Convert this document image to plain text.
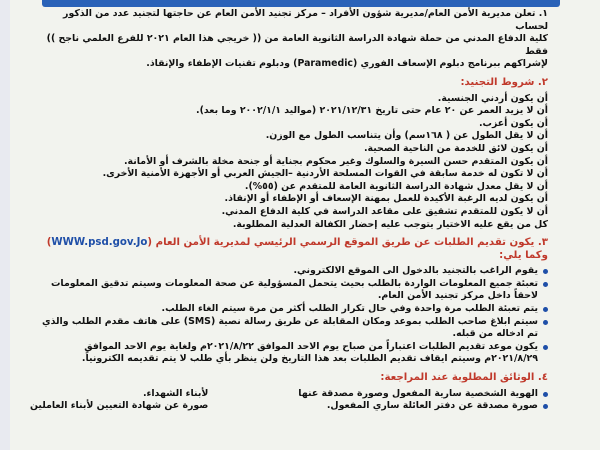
١. تعلن مديرية الأمن العام/مديرية شؤون الأفراد – مركز تجنيد الأمن العام عن حاجتها لتجنيد عدد من الذكور لحساب

كلية الدفاع المدني من حملة شهادة الدراسة الثانوية العامة من (( خريجي هذا العام ٢٠٢١ للفرع العلمي ناجح )) فقط

لإشراكهم ببرنامج دبلوم الإسعاف الفوري (Paramedic) ودبلوم تقنيات الإطفاء والإنقاذ.

٢. شروط التجنيد:
أن يكون أردني الجنسية.
أن لا يزيد العمر عن ٢٠ عام حتى تاريخ ٢٠٢١/١٢/٣١ (مواليد ٢٠٠٢/١/١ وما بعد).
أن يكون أعزب.
أن لا يقل الطول عن ( ١٦٨سم) وأن يتناسب الطول مع الوزن.
أن يكون لائق للخدمة من الناحية الصحية.
أن يكون المتقدم حسن السيرة والسلوك وغير محكوم بجناية أو جنحة مخلة بالشرف أو الأمانة.
أن لا تكون له خدمة سابقة في القوات المسلحة الأردنية –الجيش العربي أو الأجهزة الأمنية الأخرى.
أن لا يقل معدل شهادة الدراسة الثانوية العامة للمتقدم عن (٥٥%).
أن يكون لديه الرغبة الأكيدة للعمل بمهنة الإسعاف أو الإطفاء أو الإنقاذ.
أن لا يكون للمتقدم تشقيق على مقاعد الدراسة في كلية الدفاع المدني.
كل من يقع عليه الاختيار يتوجب عليه إحضار الكفالة العدلية المطلوبة.
٣. يكون تقديم الطلبات عن طريق الموقع الرسمي الرئيسي لمديرية الأمن العام (WWW.psd.gov.Jo) وكما يلي:
يقوم الراغب بالتجنيد بالدخول الى الموقع الالكتروني.
تعبئة جميع المعلومات الواردة بالطلب بحيث يتحمل المسؤولية عن صحة المعلومات وسيتم تدقيق المعلومات لاحقاً داخل مركز تجنيد الأمن العام.
يتم تعبئة الطلب مرة واحدة وفي حال تكرار الطلب أكثر من مرة سيتم الغاء الطلب.
سيتم ابلاغ صاحب الطلب بموعد ومكان المقابلة عن طريق رسالة نصية (SMS) على هاتف مقدم الطلب والذي تم ادخاله من قبله.
يكون موعد تقديم الطلبات اعتباراً من صباح يوم الاحد الموافق ٢٠٢١/٨/٢٢م ولغاية يوم الاحد الموافق ٢٠٢١/٨/٢٩م وسيتم ايقاف تقديم الطلبات بعد هذا التاريخ ولن ينظر بأي طلب لا يتم تقديمه الكترونياً.
٤. الوثائق المطلوبة عند المراجعة:
الهوية الشخصية سارية المفعول وصورة مصدقة عنها
صورة مصدقة عن دفتر العائلة ساري المفعول.
لأبناء الشهداء.
صورة عن شهادة التعيين لأبناء العاملين
